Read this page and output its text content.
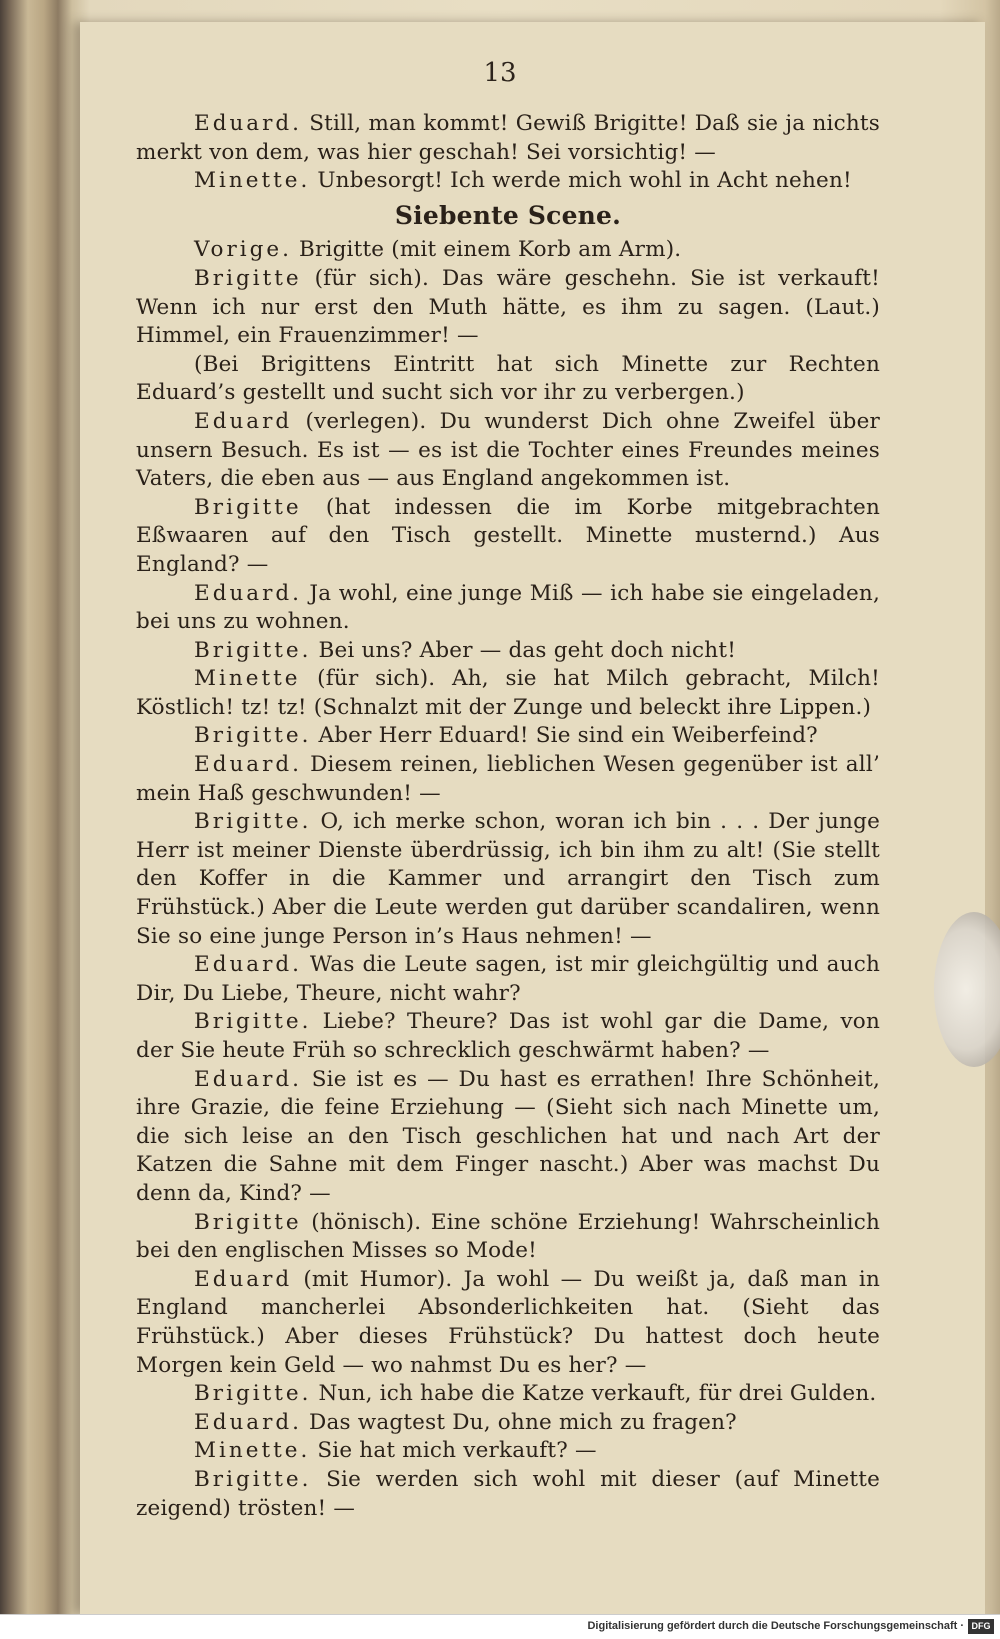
13

Eduard. Still, man kommt! Gewiß Brigitte! Daß sie ja nichts merkt von dem, was hier geschah! Sei vorsichtig! —

Minette. Unbesorgt! Ich werde mich wohl in Acht nehen!

Siebente Scene.

Vorige. Brigitte (mit einem Korb am Arm).

Brigitte (für sich). Das wäre geschehn. Sie ist verkauft! Wenn ich nur erst den Muth hätte, es ihm zu sagen. (Laut.) Himmel, ein Frauenzimmer! —

(Bei Brigittens Eintritt hat sich Minette zur Rechten Eduard’s gestellt und sucht sich vor ihr zu verbergen.)

Eduard (verlegen). Du wunderst Dich ohne Zweifel über unsern Besuch. Es ist — es ist die Tochter eines Freundes meines Vaters, die eben aus — aus England angekommen ist.

Brigitte (hat indessen die im Korbe mitgebrachten Eßwaaren auf den Tisch gestellt. Minette musternd.) Aus England? —

Eduard. Ja wohl, eine junge Miß — ich habe sie eingeladen, bei uns zu wohnen.

Brigitte. Bei uns? Aber — das geht doch nicht!

Minette (für sich). Ah, sie hat Milch gebracht, Milch! Köstlich! tz! tz! (Schnalzt mit der Zunge und beleckt ihre Lippen.)

Brigitte. Aber Herr Eduard! Sie sind ein Weiberfeind?

Eduard. Diesem reinen, lieblichen Wesen gegenüber ist all’ mein Haß geschwunden! —

Brigitte. O, ich merke schon, woran ich bin . . . Der junge Herr ist meiner Dienste überdrüssig, ich bin ihm zu alt! (Sie stellt den Koffer in die Kammer und arrangirt den Tisch zum Frühstück.) Aber die Leute werden gut darüber scandaliren, wenn Sie so eine junge Person in’s Haus nehmen! —

Eduard. Was die Leute sagen, ist mir gleichgültig und auch Dir, Du Liebe, Theure, nicht wahr?

Brigitte. Liebe? Theure? Das ist wohl gar die Dame, von der Sie heute Früh so schrecklich geschwärmt haben? —

Eduard. Sie ist es — Du hast es errathen! Ihre Schönheit, ihre Grazie, die feine Erziehung — (Sieht sich nach Minette um, die sich leise an den Tisch geschlichen hat und nach Art der Katzen die Sahne mit dem Finger nascht.) Aber was machst Du denn da, Kind? —

Brigitte (hönisch). Eine schöne Erziehung! Wahrscheinlich bei den englischen Misses so Mode!

Eduard (mit Humor). Ja wohl — Du weißt ja, daß man in England mancherlei Absonderlichkeiten hat. (Sieht das Frühstück.) Aber dieses Frühstück? Du hattest doch heute Morgen kein Geld — wo nahmst Du es her? —

Brigitte. Nun, ich habe die Katze verkauft, für drei Gulden.

Eduard. Das wagtest Du, ohne mich zu fragen?

Minette. Sie hat mich verkauft? —

Brigitte. Sie werden sich wohl mit dieser (auf Minette zeigend) trösten! —

Digitalisierung gefördert durch die Deutsche Forschungsgemeinschaft · DFG
